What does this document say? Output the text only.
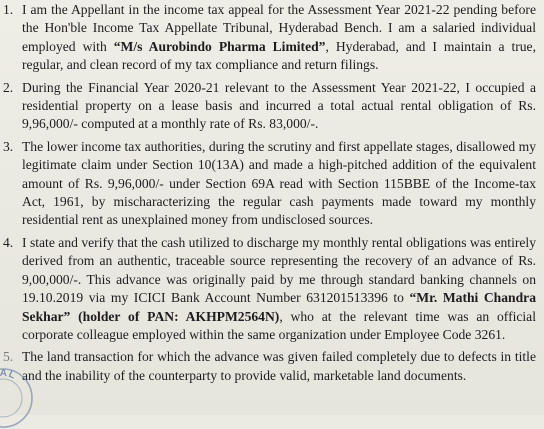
1. I am the Appellant in the income tax appeal for the Assessment Year 2021-22 pending before the Hon'ble Income Tax Appellate Tribunal, Hyderabad Bench. I am a salaried individual employed with “M/s Aurobindo Pharma Limited”, Hyderabad, and I maintain a true, regular, and clean record of my tax compliance and return filings.
2. During the Financial Year 2020-21 relevant to the Assessment Year 2021-22, I occupied a residential property on a lease basis and incurred a total actual rental obligation of Rs. 9,96,000/- computed at a monthly rate of Rs. 83,000/-.
3. The lower income tax authorities, during the scrutiny and first appellate stages, disallowed my legitimate claim under Section 10(13A) and made a high-pitched addition of the equivalent amount of Rs. 9,96,000/- under Section 69A read with Section 115BBE of the Income-tax Act, 1961, by mischaracterizing the regular cash payments made toward my monthly residential rent as unexplained money from undisclosed sources.
4. I state and verify that the cash utilized to discharge my monthly rental obligations was entirely derived from an authentic, traceable source representing the recovery of an advance of Rs. 9,00,000/-. This advance was originally paid by me through standard banking channels on 19.10.2019 via my ICICI Bank Account Number 631201513396 to “Mr. Mathi Chandra Sekhar” (holder of PAN: AKHPM2564N), who at the relevant time was an official corporate colleague employed within the same organization under Employee Code 3261.
5. The land transaction for which the advance was given failed completely due to defects in title and the inability of the counterparty to provide valid, marketable land documents.
AL
